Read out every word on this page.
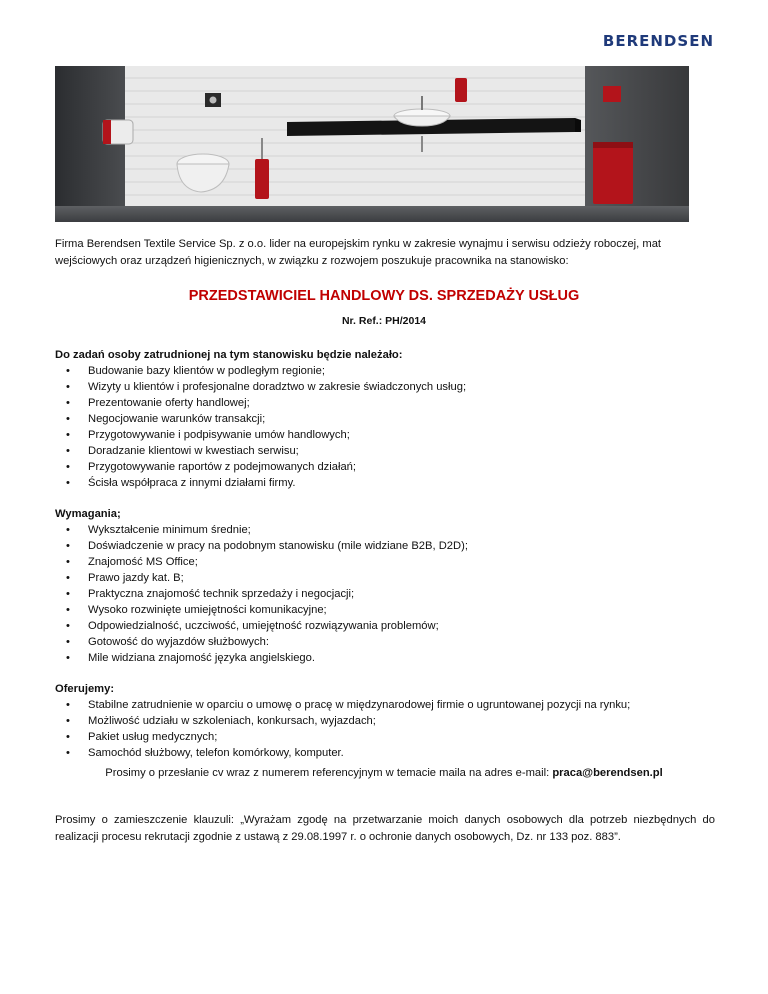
BERENDSEN
Firma Berendsen Textile Service Sp. z o.o. lider na europejskim rynku w zakresie wynajmu i serwisu odzieży roboczej, mat wejściowych oraz urządzeń higienicznych, w związku z rozwojem poszukuje pracownika na stanowisko:
PRZEDSTAWICIEL HANDLOWY DS. SPRZEDAŻY USŁUG
Nr. Ref.: PH/2014
Do zadań osoby zatrudnionej na tym stanowisku będzie należało:
• Budowanie bazy klientów w podległym regionie;
• Wizyty u klientów i profesjonalne doradztwo w zakresie świadczonych usług;
• Prezentowanie oferty handlowej;
• Negocjowanie warunków transakcji;
• Przygotowywanie i podpisywanie umów handlowych;
• Doradzanie klientowi w kwestiach serwisu;
• Przygotowywanie raportów z podejmowanych działań;
• Ścisła współpraca z innymi działami firmy.
Wymagania;
• Wykształcenie minimum średnie;
• Doświadczenie w pracy na podobnym stanowisku (mile widziane B2B, D2D);
• Znajomość MS Office;
• Prawo jazdy kat. B;
• Praktyczna znajomość technik sprzedaży i negocjacji;
• Wysoko rozwinięte umiejętności komunikacyjne;
• Odpowiedzialność, uczciwość, umiejętność rozwiązywania problemów;
• Gotowość do wyjazdów służbowych:
• Mile widziana znajomość języka angielskiego.
Oferujemy:
• Stabilne zatrudnienie w oparciu o umowę o pracę w międzynarodowej firmie o ugruntowanej pozycji na rynku;
• Możliwość udziału w szkoleniach, konkursach, wyjazdach;
• Pakiet usług medycznych;
• Samochód służbowy, telefon komórkowy, komputer.
Prosimy o przesłanie cv wraz z numerem referencyjnym w temacie maila na adres e-mail: praca@berendsen.pl
Prosimy o zamieszczenie klauzuli: „Wyrażam zgodę na przetwarzanie moich danych osobowych dla potrzeb niezbędnych do realizacji procesu rekrutacji zgodnie z ustawą z 29.08.1997 r. o ochronie danych osobowych, Dz. nr 133 poz. 883”.
